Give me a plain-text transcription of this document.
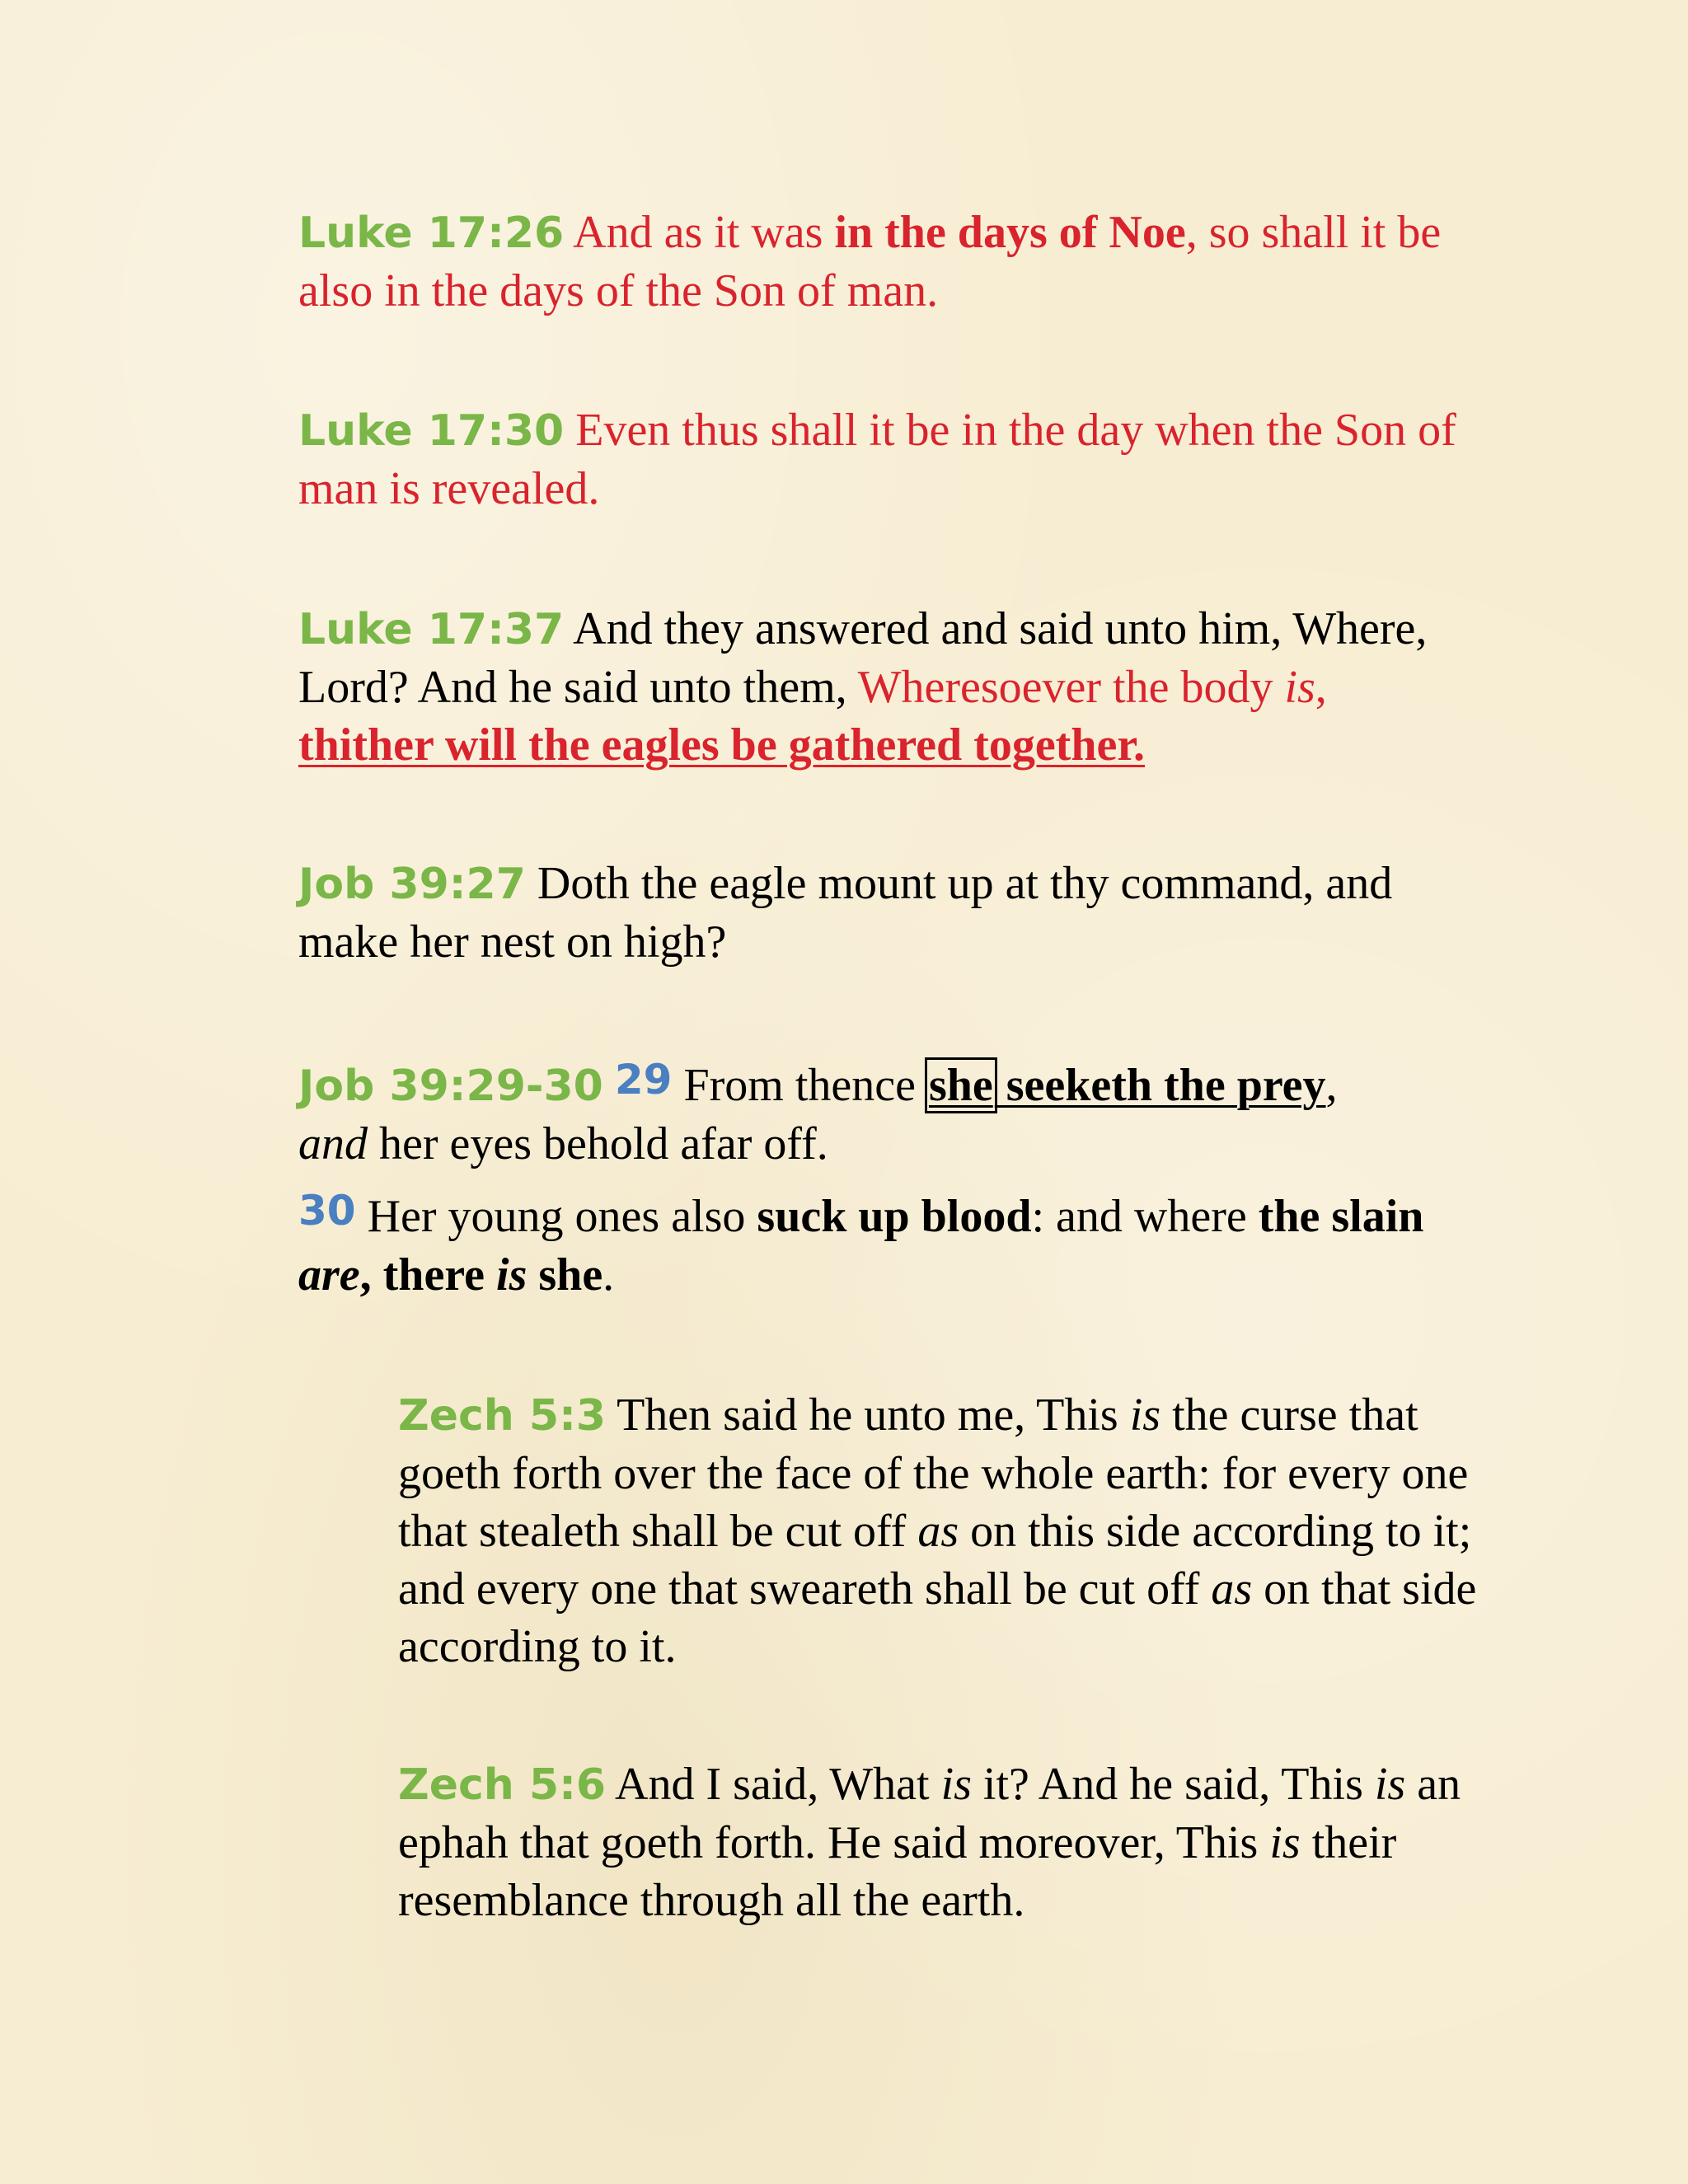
Luke 17:26 And as it was in the days of Noe, so shall it be also in the days of the Son of man.
Luke 17:30 Even thus shall it be in the day when the Son of man is revealed.
Luke 17:37 And they answered and said unto him, Where, Lord? And he said unto them, Wheresoever the body is,
thither will the eagles be gathered together.
Job 39:27 Doth the eagle mount up at thy command, and make her nest on high?
Job 39:29-30 29 From thence she seeketh the prey,
and her eyes behold afar off.
30 Her young ones also suck up blood: and where the slain are, there is she.
Zech 5:3 Then said he unto me, This is the curse that goeth forth over the face of the whole earth: for every one that stealeth shall be cut off as on this side according to it; and every one that sweareth shall be cut off as on that side according to it.
Zech 5:6 And I said, What is it? And he said, This is an ephah that goeth forth. He said moreover, This is their resemblance through all the earth.
